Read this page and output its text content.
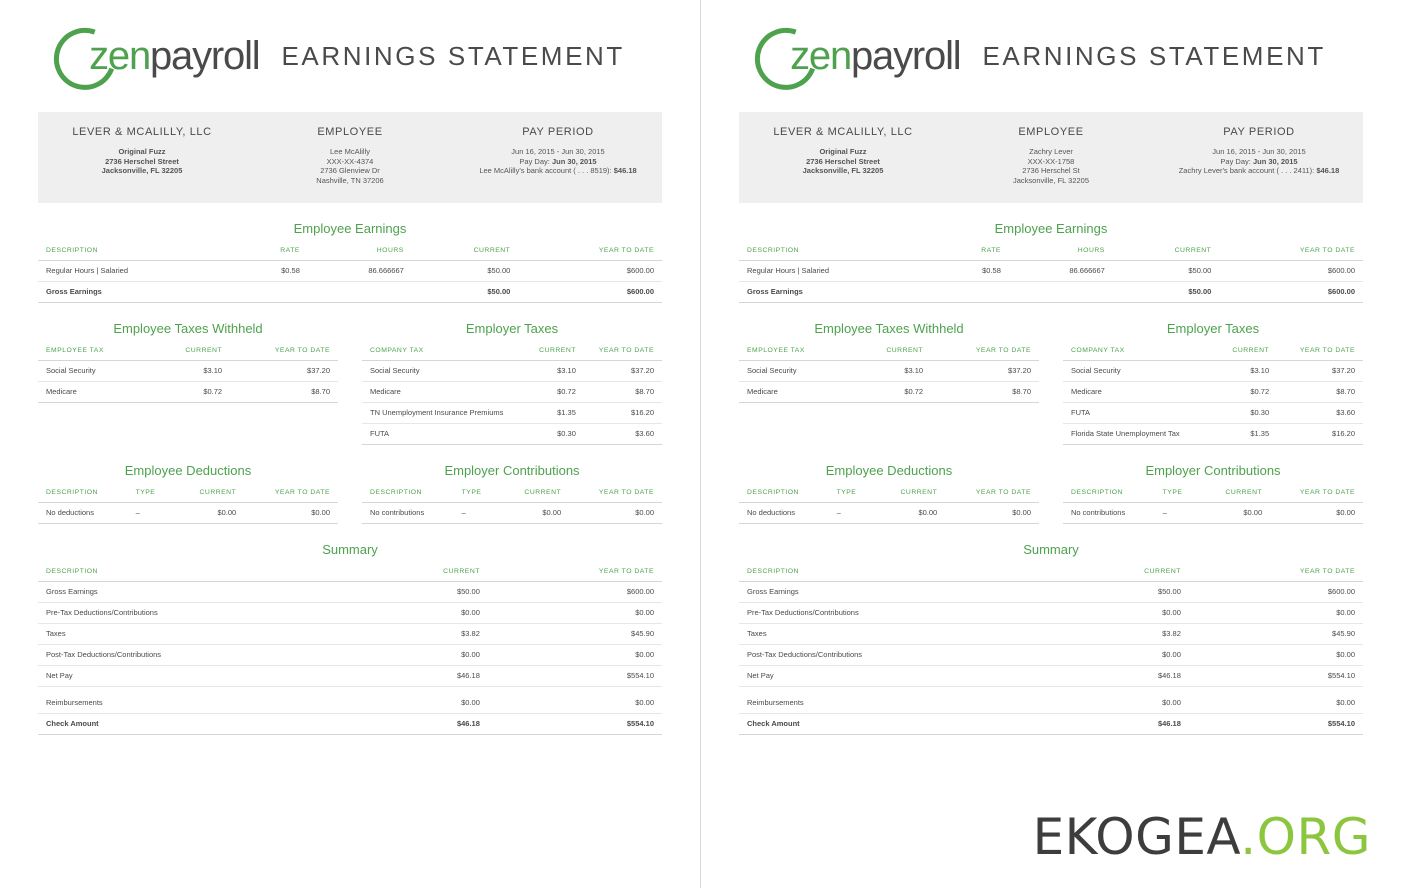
zenpayroll EARNINGS STATEMENT
LEVER & MCALILLY, LLC
Original Fuzz
2736 Herschel Street
Jacksonville, FL 32205
EMPLOYEE
Lee McAlilly
XXX-XX-4374
2736 Glenview Dr
Nashville, TN 37206
PAY PERIOD
Jun 16, 2015 - Jun 30, 2015
Pay Day: Jun 30, 2015
Lee McAlilly's bank account ( . . . 8519): $46.18
Employee Earnings
DESCRIPTION	RATE	HOURS	CURRENT	YEAR TO DATE
Regular Hours | Salaried	$0.58	86.666667	$50.00	$600.00
Gross Earnings			$50.00	$600.00
Employee Taxes Withheld
EMPLOYEE TAX	CURRENT	YEAR TO DATE
Social Security	$3.10	$37.20
Medicare	$0.72	$8.70
Employer Taxes
COMPANY TAX	CURRENT	YEAR TO DATE
Social Security	$3.10	$37.20
Medicare	$0.72	$8.70
TN Unemployment Insurance Premiums	$1.35	$16.20
FUTA	$0.30	$3.60
Employee Deductions
DESCRIPTION	TYPE	CURRENT	YEAR TO DATE
No deductions	–	$0.00	$0.00
Employer Contributions
DESCRIPTION	TYPE	CURRENT	YEAR TO DATE
No contributions	–	$0.00	$0.00
Summary
DESCRIPTION	CURRENT	YEAR TO DATE
Gross Earnings	$50.00	$600.00
Pre-Tax Deductions/Contributions	$0.00	$0.00
Taxes	$3.82	$45.90
Post-Tax Deductions/Contributions	$0.00	$0.00
Net Pay	$46.18	$554.10

Reimbursements	$0.00	$0.00
Check Amount	$46.18	$554.10
zenpayroll EARNINGS STATEMENT
LEVER & MCALILLY, LLC
Original Fuzz
2736 Herschel Street
Jacksonville, FL 32205
EMPLOYEE
Zachry Lever
XXX-XX-1758
2736 Herschel St
Jacksonville, FL 32205
PAY PERIOD
Jun 16, 2015 - Jun 30, 2015
Pay Day: Jun 30, 2015
Zachry Lever's bank account ( . . . 2411): $46.18
Employee Earnings
DESCRIPTION	RATE	HOURS	CURRENT	YEAR TO DATE
Regular Hours | Salaried	$0.58	86.666667	$50.00	$600.00
Gross Earnings			$50.00	$600.00
Employee Taxes Withheld
EMPLOYEE TAX	CURRENT	YEAR TO DATE
Social Security	$3.10	$37.20
Medicare	$0.72	$8.70
Employer Taxes
COMPANY TAX	CURRENT	YEAR TO DATE
Social Security	$3.10	$37.20
Medicare	$0.72	$8.70
FUTA	$0.30	$3.60
Florida State Unemployment Tax	$1.35	$16.20
Employee Deductions
DESCRIPTION	TYPE	CURRENT	YEAR TO DATE
No deductions	–	$0.00	$0.00
Employer Contributions
DESCRIPTION	TYPE	CURRENT	YEAR TO DATE
No contributions	–	$0.00	$0.00
Summary
DESCRIPTION	CURRENT	YEAR TO DATE
Gross Earnings	$50.00	$600.00
Pre-Tax Deductions/Contributions	$0.00	$0.00
Taxes	$3.82	$45.90
Post-Tax Deductions/Contributions	$0.00	$0.00
Net Pay	$46.18	$554.10

Reimbursements	$0.00	$0.00
Check Amount	$46.18	$554.10
EKOGEA.ORG
